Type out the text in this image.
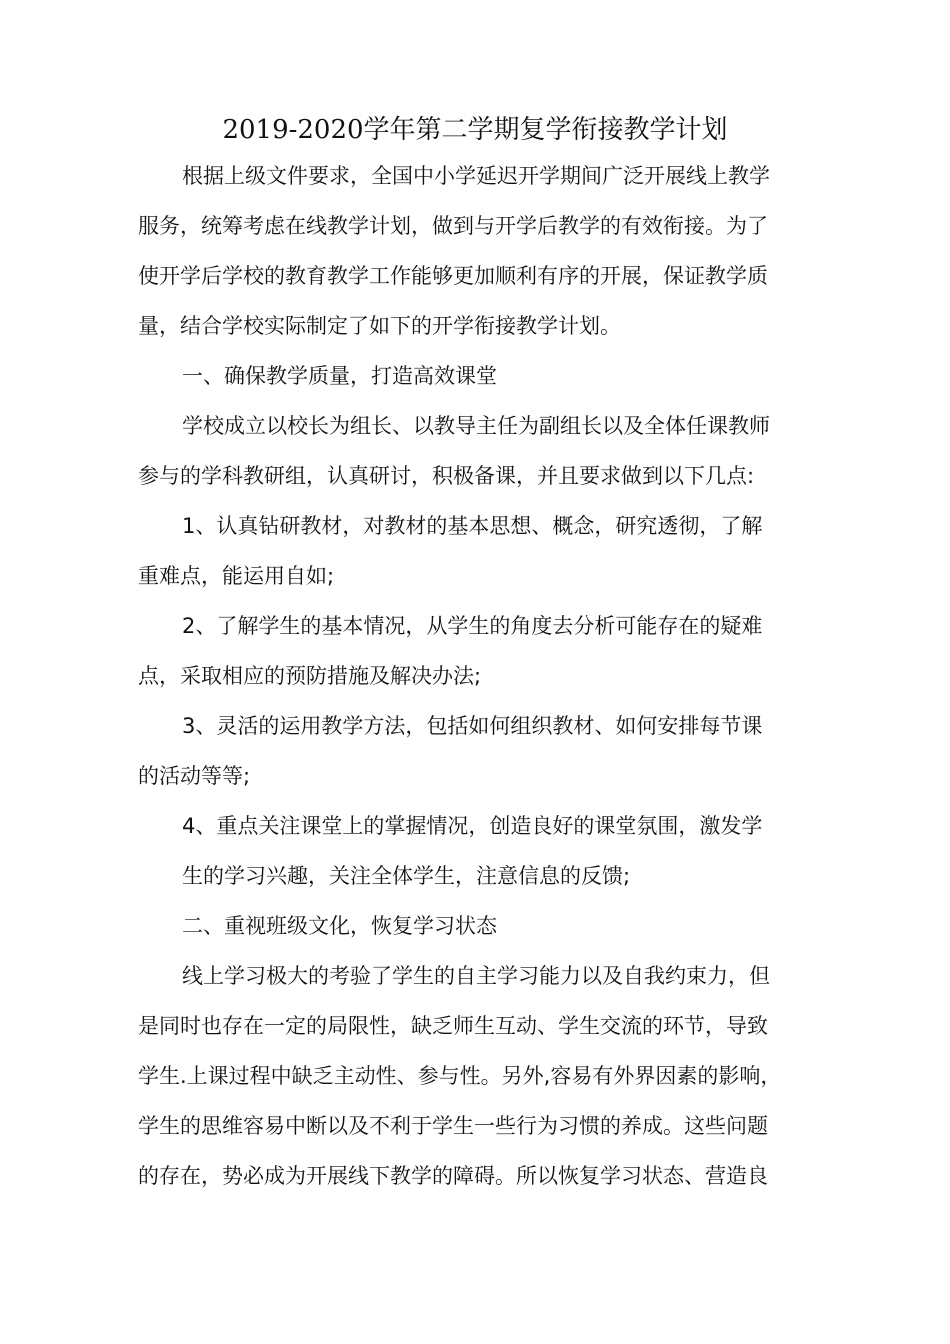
2019-2020学年第二学期复学衔接教学计划

根据上级文件要求，全国中小学延迟开学期间广泛开展线上教学

服务，统筹考虑在线教学计划，做到与开学后教学的有效衔接。为了

使开学后学校的教育教学工作能够更加顺利有序的开展，保证教学质

量，结合学校实际制定了如下的开学衔接教学计划。

一、确保教学质量，打造高效课堂

学校成立以校长为组长、以教导主任为副组长以及全体任课教师

参与的学科教研组，认真研讨，积极备课，并且要求做到以下几点:

1、认真钻研教材，对教材的基本思想、概念，研究透彻，了解

重难点，能运用自如;

2、了解学生的基本情况，从学生的角度去分析可能存在的疑难

点，采取相应的预防措施及解决办法;

3、灵活的运用教学方法，包括如何组织教材、如何安排每节课

的活动等等;

4、重点关注课堂上的掌握情况，创造良好的课堂氛围，激发学

生的学习兴趣，关注全体学生，注意信息的反馈;

二、重视班级文化，恢复学习状态

线上学习极大的考验了学生的自主学习能力以及自我约束力，但

是同时也存在一定的局限性，缺乏师生互动、学生交流的环节，导致

学生.上课过程中缺乏主动性、参与性。另外,容易有外界因素的影响，

学生的思维容易中断以及不利于学生一些行为习惯的养成。这些问题

的存在，势必成为开展线下教学的障碍。所以恢复学习状态、营造良
